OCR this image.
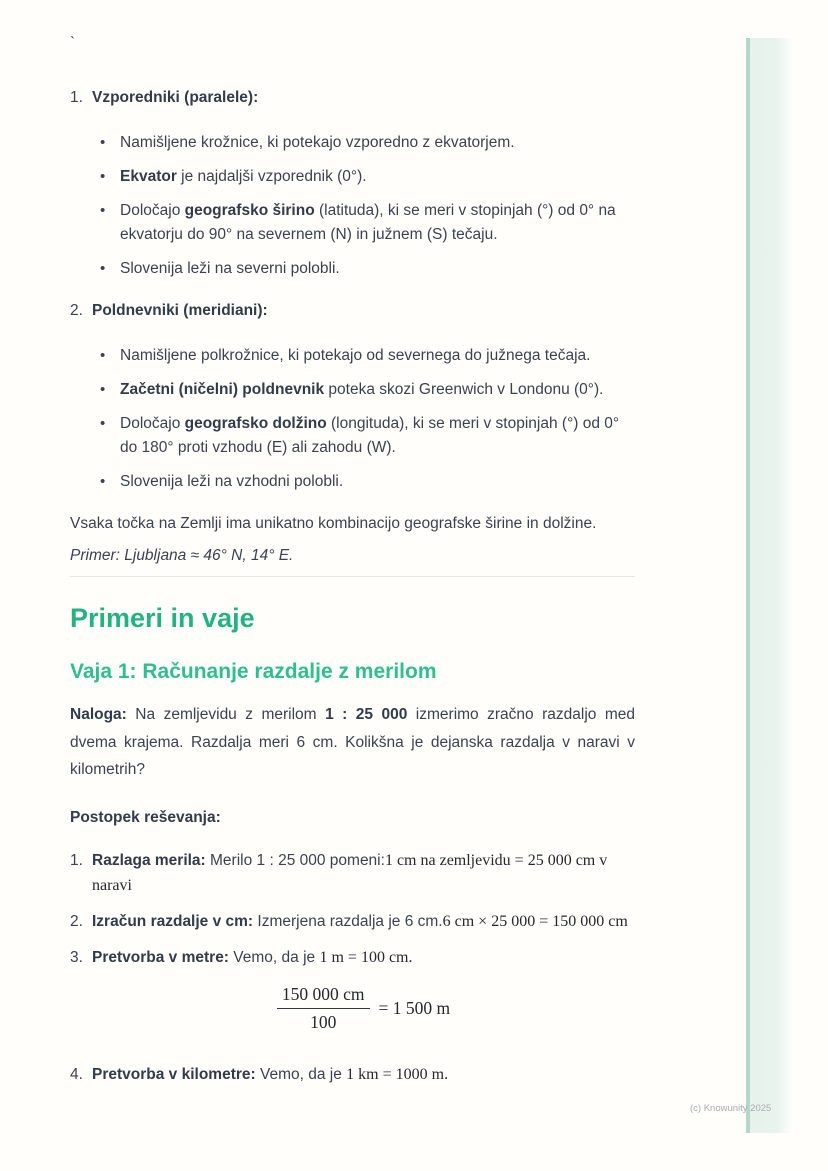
`
1. Vzporedniki (paralele):
•
Namišljene krožnice, ki potekajo vzporedno z ekvatorjem.
•
Ekvator je najdaljši vzporednik (0°).
•
Določajo geografsko širino (latituda), ki se meri v stopinjah (°) od 0° na ekvatorju do 90° na severnem (N) in južnem (S) tečaju.
•
Slovenija leži na severni polobli.
2. Poldnevniki (meridiani):
•
Namišljene polkrožnice, ki potekajo od severnega do južnega tečaja.
•
Začetni (ničelni) poldnevnik poteka skozi Greenwich v Londonu (0°).
•
Določajo geografsko dolžino (longituda), ki se meri v stopinjah (°) od 0° do 180° proti vzhodu (E) ali zahodu (W).
•
Slovenija leži na vzhodni polobli.

Vsaka točka na Zemlji ima unikatno kombinacijo geografske širine in dolžine.

Primer: Ljubljana ≈ 46° N, 14° E.

Primeri in vaje
Vaja 1: Računanje razdalje z merilom

Naloga: Na zemljevidu z merilom 1 : 25 000 izmerimo zračno razdaljo med dvema krajema. Razdalja meri 6 cm. Kolikšna je dejanska razdalja v naravi v kilometrih?

Postopek reševanja:

1. Razlaga merila: Merilo 1 : 25 000 pomeni:1 cm na zemljevidu = 25 000 cm v naravi
2. Izračun razdalje v cm: Izmerjena razdalja je 6 cm.6 cm × 25 000 = 150 000 cm
3. Pretvorba v metre: Vemo, da je 1 m = 100 cm.
$\frac{150 000 cm}{100} = 1$ 500 m
4. Pretvorba v kilometre: Vemo, da je 1 km = 1000 m.
(c) Knowunity 2025
